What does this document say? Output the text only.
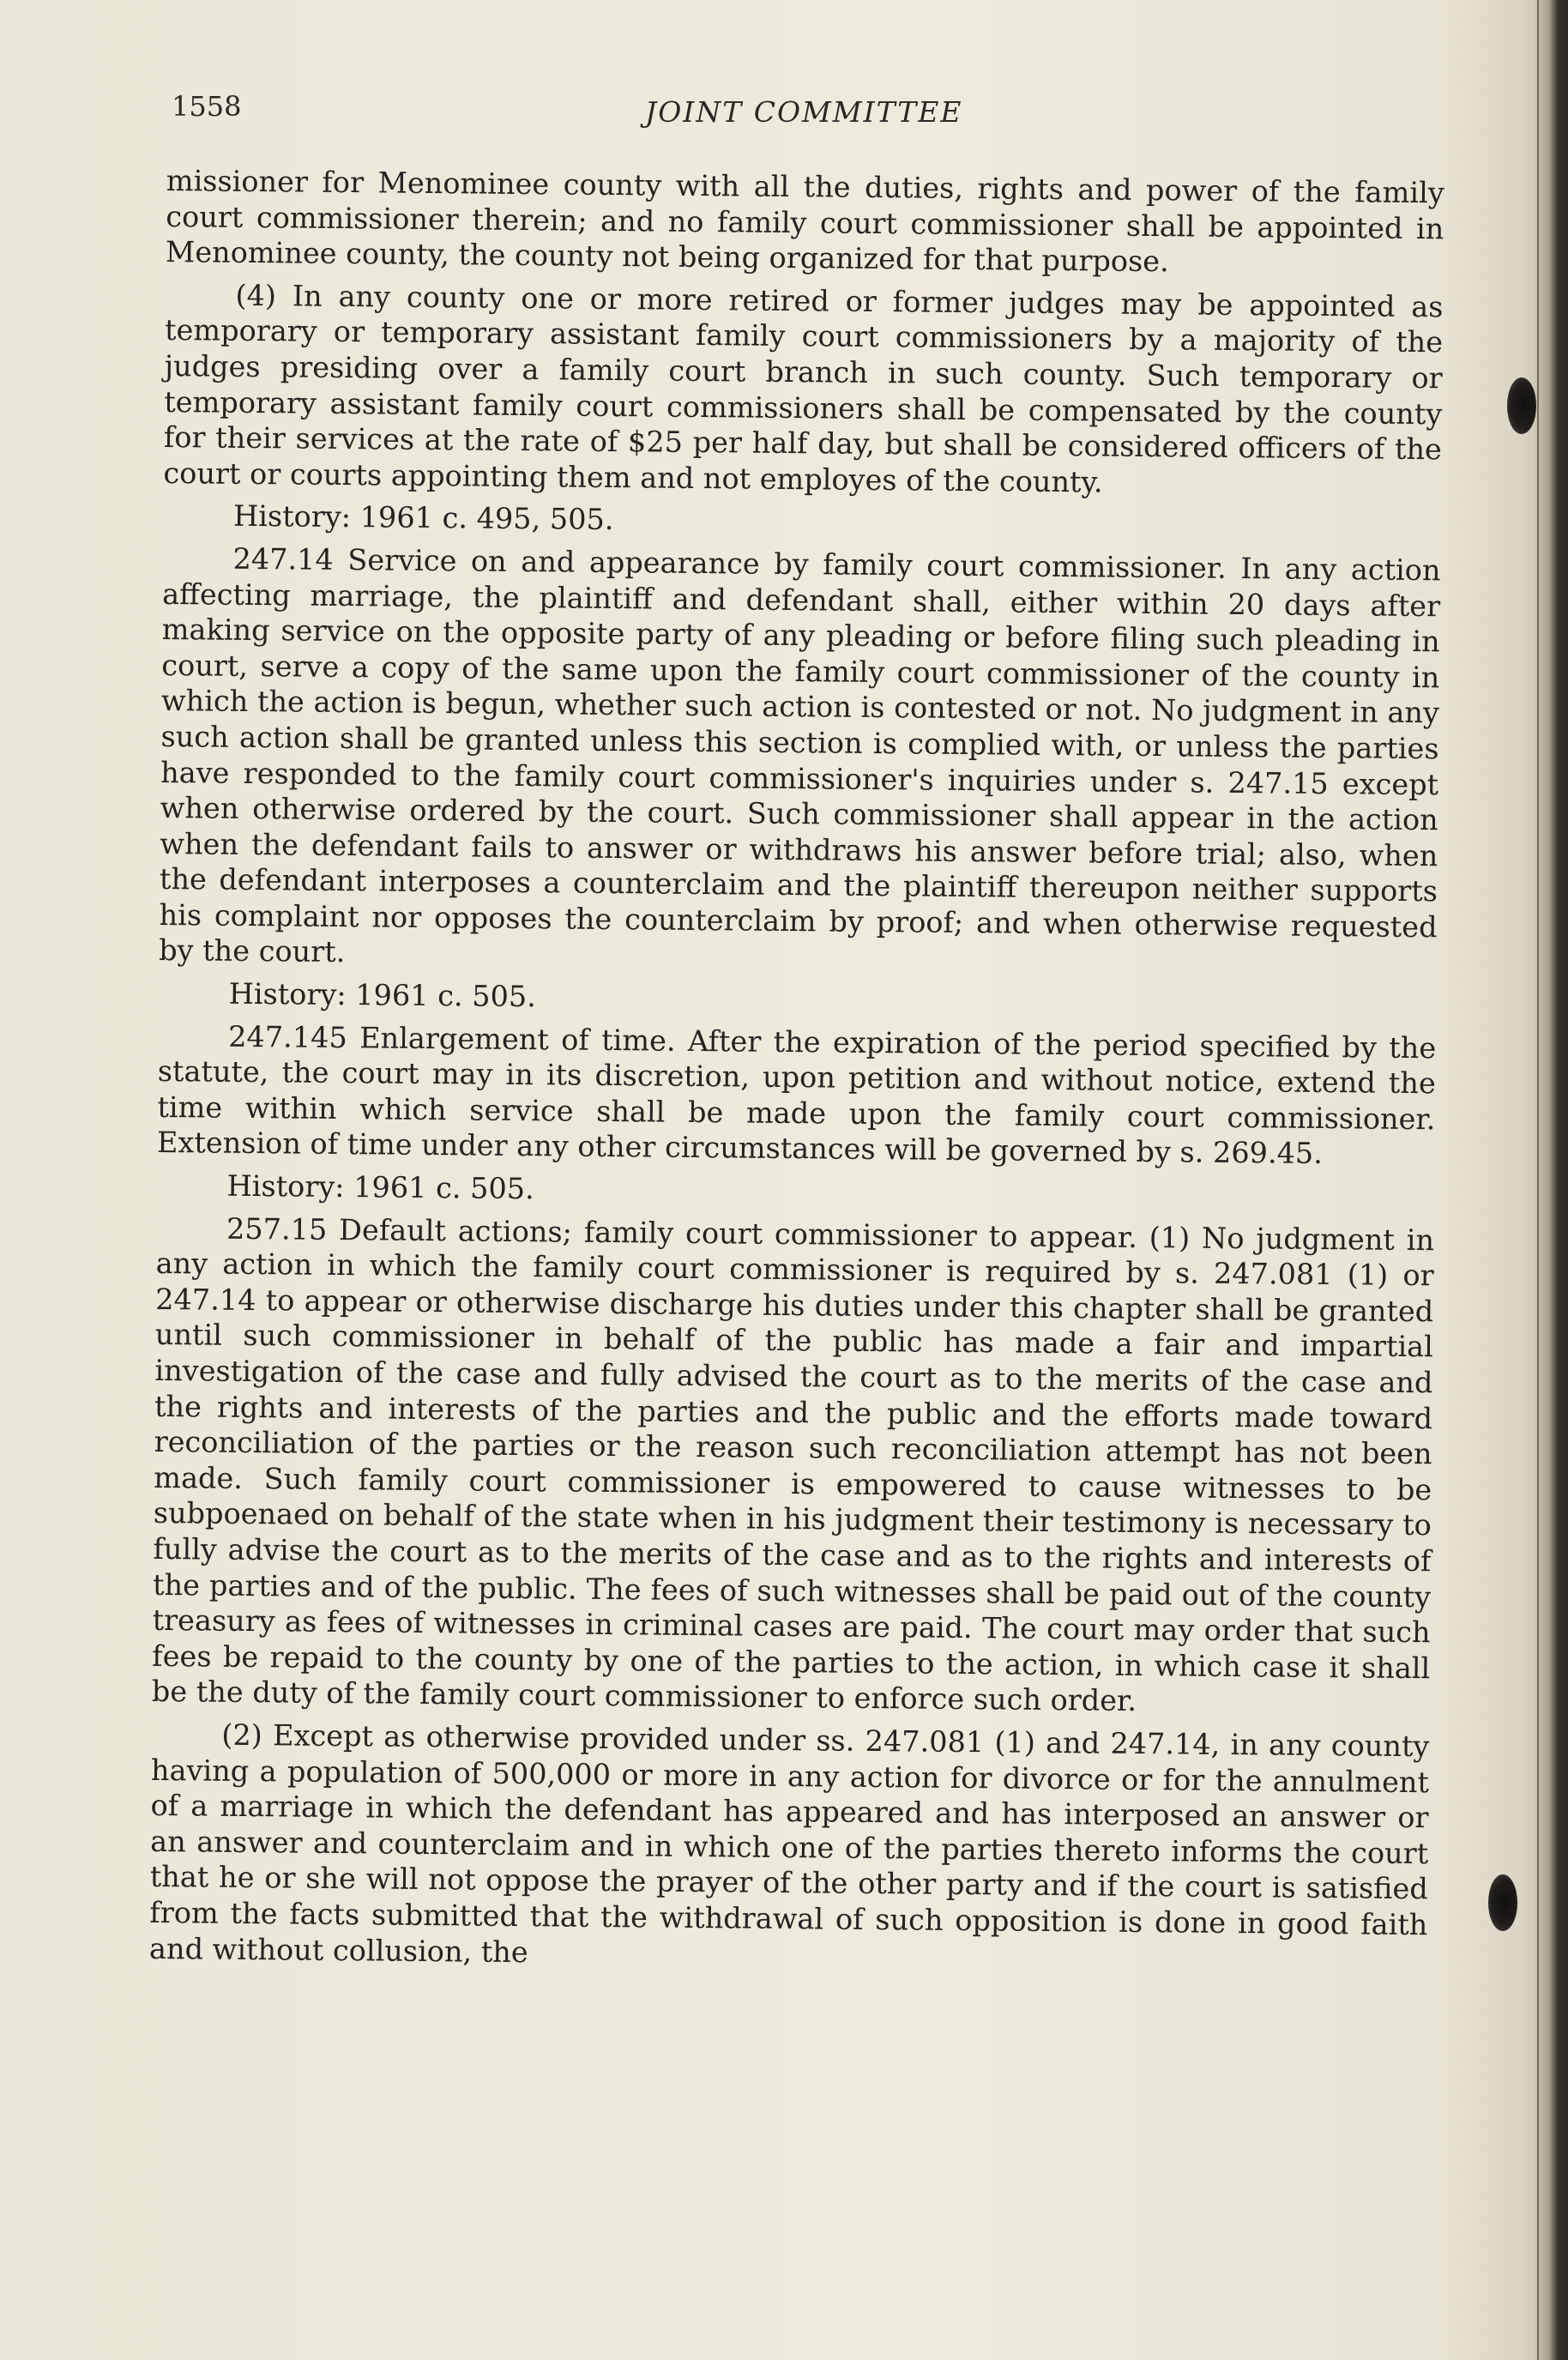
1558	JOINT COMMITTEE

missioner for Menominee county with all the duties, rights and power of the family court commissioner therein; and no family court commissioner shall be appointed in Menominee county, the county not being organized for that purpose.

(4) In any county one or more retired or former judges may be appointed as temporary or temporary assistant family court commissioners by a majority of the judges presiding over a family court branch in such county. Such temporary or temporary assistant family court commissioners shall be compensated by the county for their services at the rate of $25 per half day, but shall be considered officers of the court or courts appointing them and not employes of the county.

History: 1961 c. 495, 505.

247.14 Service on and appearance by family court commissioner. In any action affecting marriage, the plaintiff and defendant shall, either within 20 days after making service on the opposite party of any pleading or before filing such pleading in court, serve a copy of the same upon the family court commissioner of the county in which the action is begun, whether such action is contested or not. No judgment in any such action shall be granted unless this section is complied with, or unless the parties have responded to the family court commissioner's inquiries under s. 247.15 except when otherwise ordered by the court. Such commissioner shall appear in the action when the defendant fails to answer or withdraws his answer before trial; also, when the defendant interposes a counterclaim and the plaintiff thereupon neither supports his complaint nor opposes the counterclaim by proof; and when otherwise requested by the court.

History: 1961 c. 505.

247.145 Enlargement of time. After the expiration of the period specified by the statute, the court may in its discretion, upon petition and without notice, extend the time within which service shall be made upon the family court commissioner. Extension of time under any other circumstances will be governed by s. 269.45.

History: 1961 c. 505.

257.15 Default actions; family court commissioner to appear. (1) No judgment in any action in which the family court commissioner is required by s. 247.081 (1) or 247.14 to appear or otherwise discharge his duties under this chapter shall be granted until such commissioner in behalf of the public has made a fair and impartial investigation of the case and fully advised the court as to the merits of the case and the rights and interests of the parties and the public and the efforts made toward reconciliation of the parties or the reason such reconciliation attempt has not been made. Such family court commissioner is empowered to cause witnesses to be subpoenaed on behalf of the state when in his judgment their testimony is necessary to fully advise the court as to the merits of the case and as to the rights and interests of the parties and of the public. The fees of such witnesses shall be paid out of the county treasury as fees of witnesses in criminal cases are paid. The court may order that such fees be repaid to the county by one of the parties to the action, in which case it shall be the duty of the family court commissioner to enforce such order.

(2) Except as otherwise provided under ss. 247.081 (1) and 247.14, in any county having a population of 500,000 or more in any action for divorce or for the annulment of a marriage in which the defendant has appeared and has interposed an answer or an answer and counterclaim and in which one of the parties thereto informs the court that he or she will not oppose the prayer of the other party and if the court is satisfied from the facts submitted that the withdrawal of such opposition is done in good faith and without collusion, the
